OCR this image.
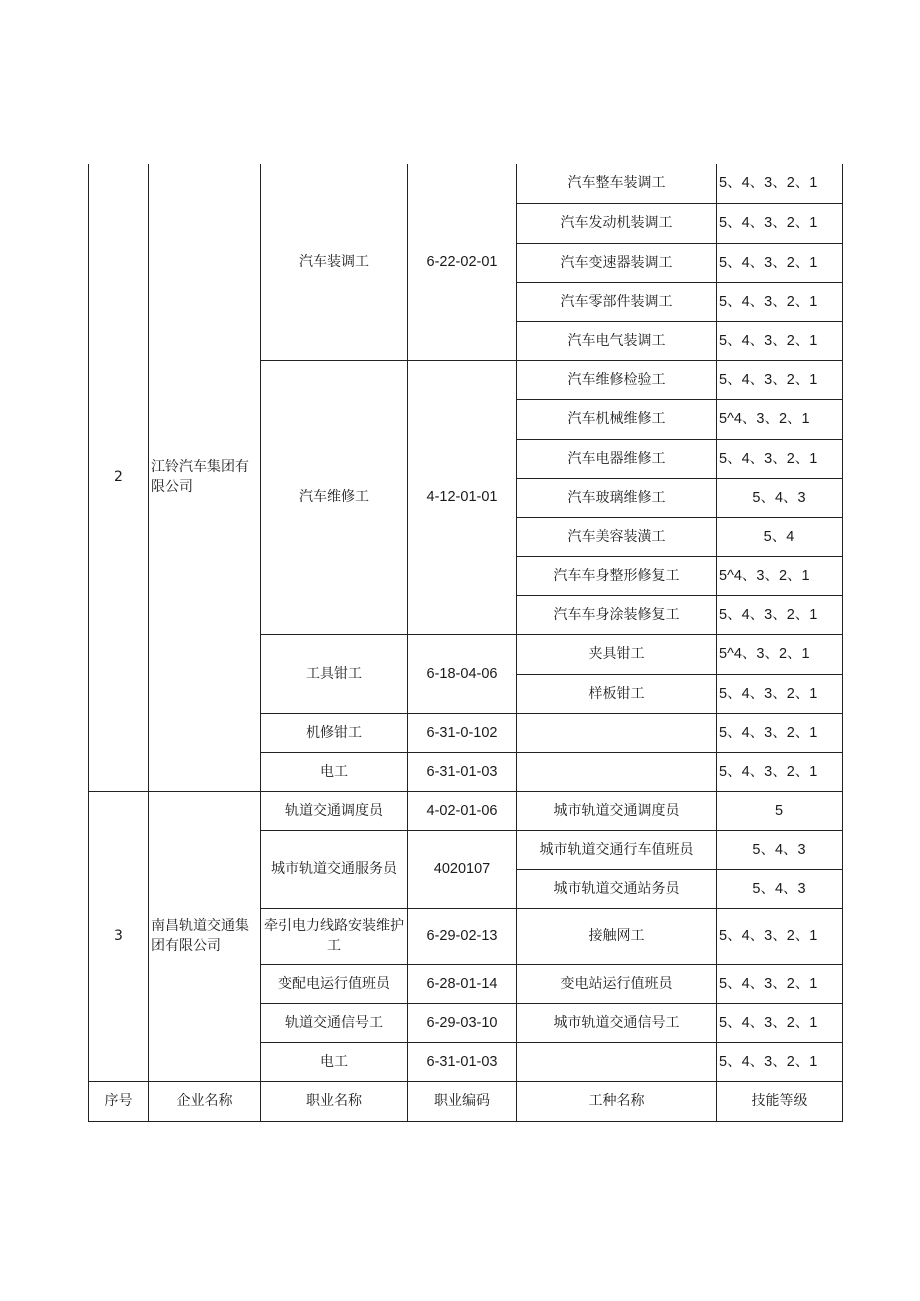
2	江铃汽车集团有限公司	汽车装调工	6-22-02-01	汽车整车装调工	5、4、3、2、1
				汽车发动机装调工	5、4、3、2、1
				汽车变速器装调工	5、4、3、2、1
				汽车零部件装调工	5、4、3、2、1
				汽车电气装调工	5、4、3、2、1
		汽车维修工	4-12-01-01	汽车维修检验工	5、4、3、2、1
				汽车机械维修工	5^4、3、2、1
				汽车电器维修工	5、4、3、2、1
				汽车玻璃维修工	5、4、3
				汽车美容装潢工	5、4
				汽车车身整形修复工	5^4、3、2、1
				汽车车身涂装修复工	5、4、3、2、1
		工具钳工	6-18-04-06	夹具钳工	5^4、3、2、1
				样板钳工	5、4、3、2、1
		机修钳工	6-31-0-102		5、4、3、2、1
		电工	6-31-01-03		5、4、3、2、1
3	南昌轨道交通集团有限公司	轨道交通调度员	4-02-01-06	城市轨道交通调度员	5
		城市轨道交通服务员	4020107	城市轨道交通行车值班员	5、4、3
				城市轨道交通站务员	5、4、3
		牵引电力线路安装维护工	6-29-02-13	接触网工	5、4、3、2、1
		变配电运行值班员	6-28-01-14	变电站运行值班员	5、4、3、2、1
		轨道交通信号工	6-29-03-10	城市轨道交通信号工	5、4、3、2、1
		电工	6-31-01-03		5、4、3、2、1
序号	企业名称	职业名称	职业编码	工种名称	技能等级
